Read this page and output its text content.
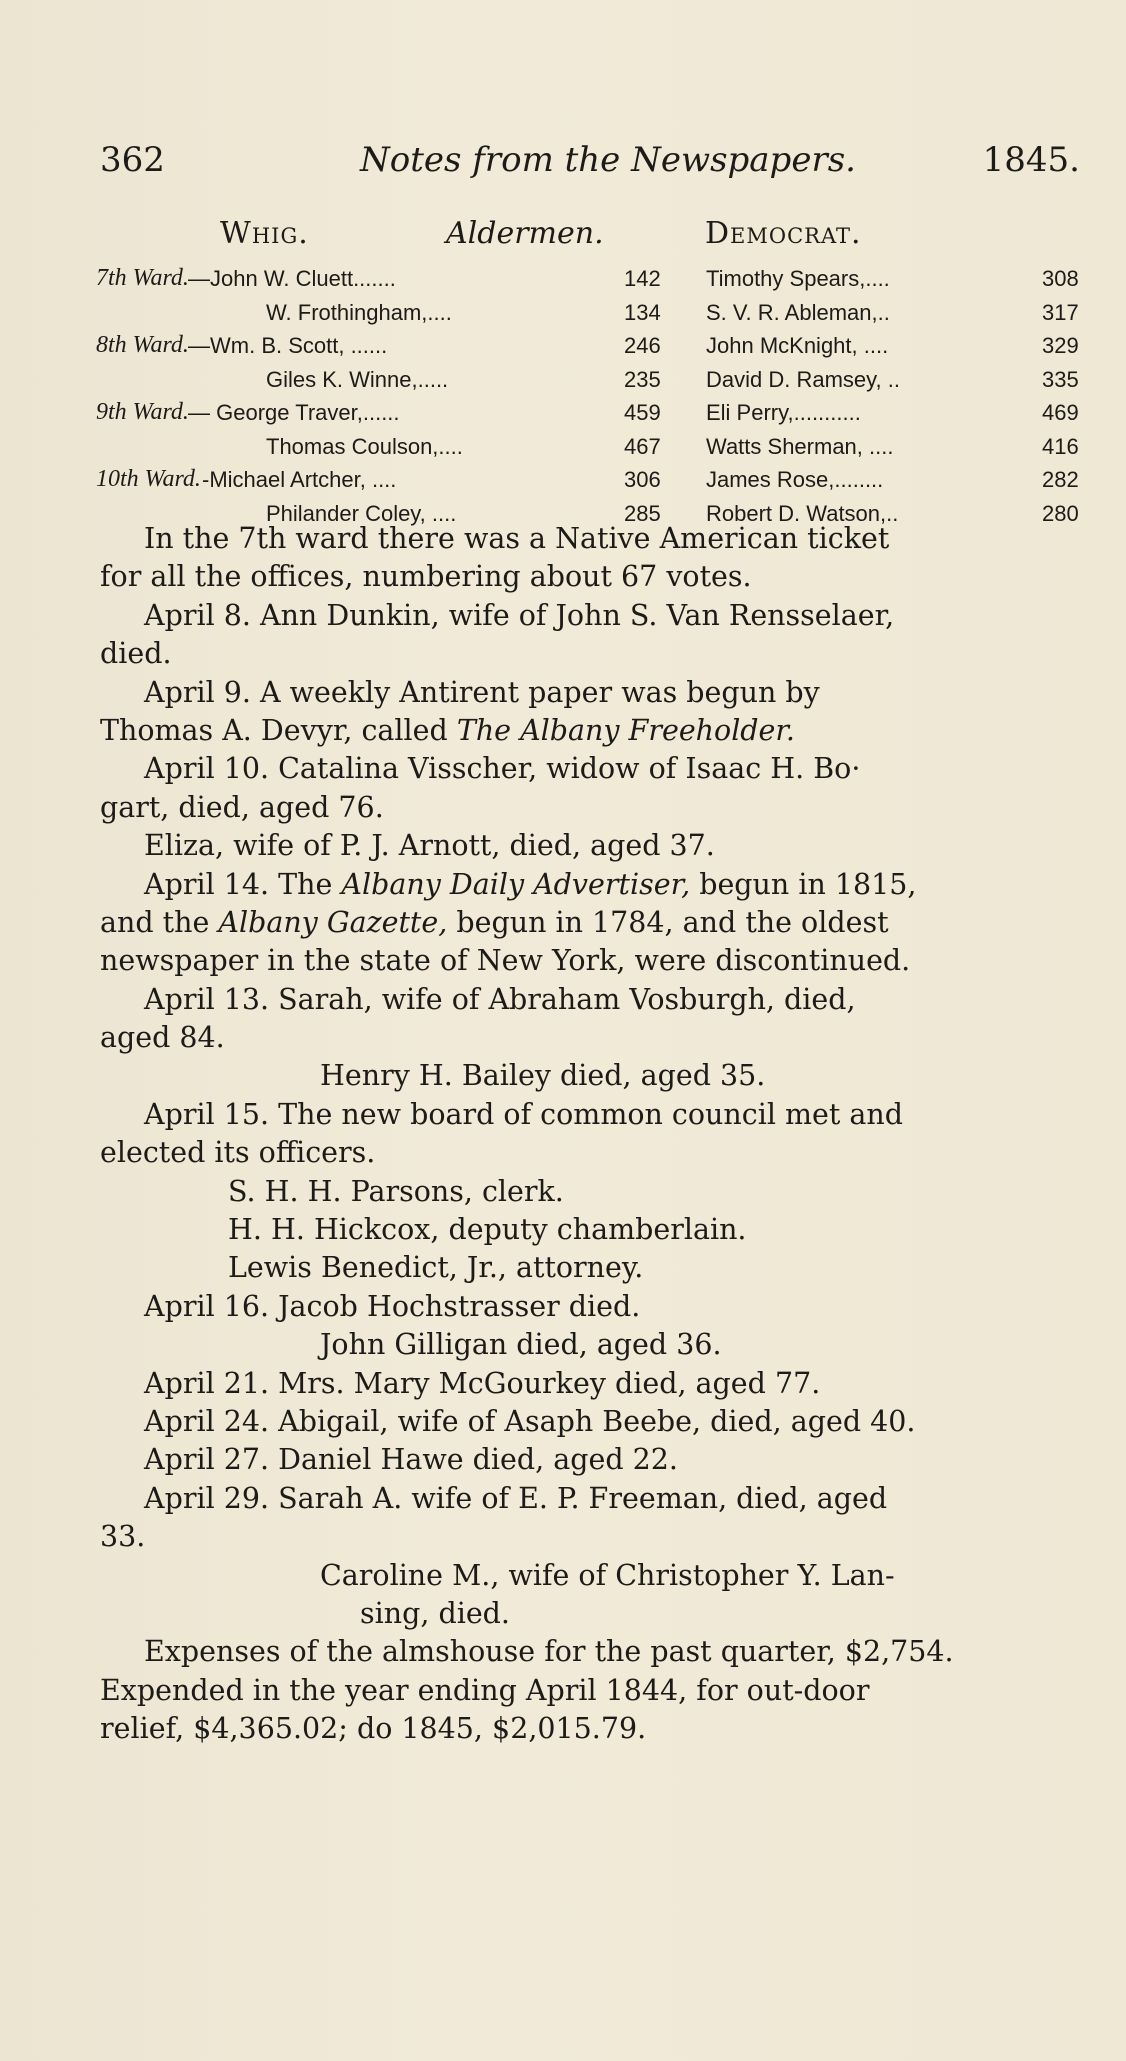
362	Notes from the Newspapers.	1845.
Whig.	Aldermen.	Democrat.
7th Ward. —John W. Cluett.......	142 Timothy Spears,....	308
W. Frothingham,....	134 S. V. R. Ableman,..	317
8th Ward. —Wm. B. Scott, ......	246 John McKnight, ....	329
Giles K. Winne,.....	235 David D. Ramsey, ..	335
9th Ward. — George Traver,......	459 Eli Perry,...........	469
Thomas Coulson,....	467 Watts Sherman, ....	416
10th Ward. -Michael Artcher, ....	306 James Rose,........	282
Philander Coley, ....	285 Robert D. Watson,..	280
In the 7th ward there was a Native American ticket
for all the offices, numbering about 67 votes.
April 8. Ann Dunkin, wife of John S. Van Rensselaer,
died.
April 9. A weekly Antirent paper was begun by
Thomas A. Devyr, called The Albany Freeholder.
April 10. Catalina Visscher, widow of Isaac H. Bo·
gart, died, aged 76.
Eliza, wife of P. J. Arnott, died, aged 37.
April 14. The Albany Daily Advertiser, begun in 1815,
and the Albany Gazette, begun in 1784, and the oldest
newspaper in the state of New York, were discontinued.
April 13. Sarah, wife of Abraham Vosburgh, died,
aged 84.
Henry H. Bailey died, aged 35.
April 15. The new board of common council met and
elected its officers.
S. H. H. Parsons, clerk.
H. H. Hickcox, deputy chamberlain.
Lewis Benedict, Jr., attorney.
April 16. Jacob Hochstrasser died.
John Gilligan died, aged 36.
April 21. Mrs. Mary McGourkey died, aged 77.
April 24. Abigail, wife of Asaph Beebe, died, aged 40.
April 27. Daniel Hawe died, aged 22.
April 29. Sarah A. wife of E. P. Freeman, died, aged
33.
Caroline M., wife of Christopher Y. Lan-
sing, died.
Expenses of the almshouse for the past quarter, $2,754.
Expended in the year ending April 1844, for out-door
relief, $4,365.02; do 1845, $2,015.79.
